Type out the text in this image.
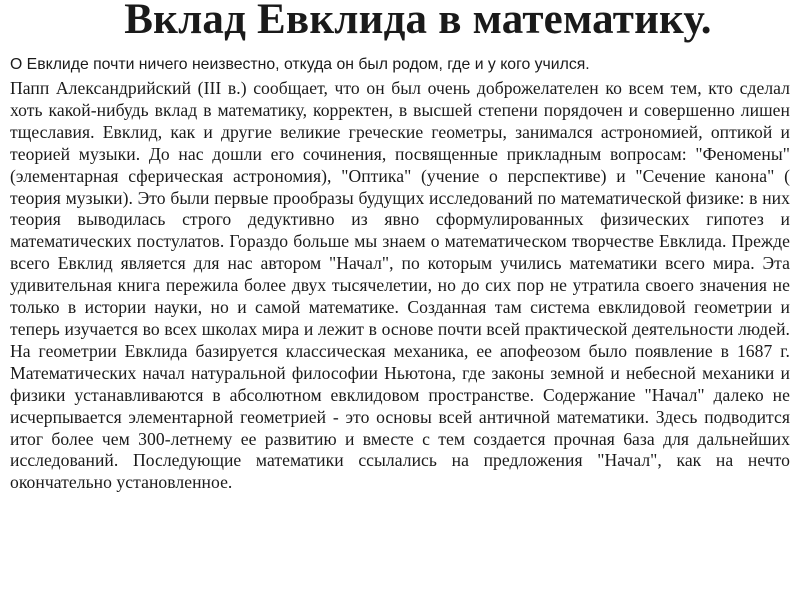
Вклад Евклида в математику.

О Евклиде почти ничего неизвестно, откуда он был родом, где и у кого учился.

Папп Александрийский (III в.) сообщает, что он был очень доброжелателен ко всем тем, кто сделал хоть какой-нибудь вклад в математику, корректен, в высшей степени порядочен и совершенно лишен тщеславия. Евклид, как и другие великие греческие геометры, занимался астрономией, оптикой и теорией музыки. До нас дошли его сочинения, посвященные прикладным вопросам: "Феномены" (элементарная сферическая астрономия), "Оптика" (учение о перспективе) и "Сечение канона" ( теория музыки). Это были первые прообразы будущих исследований по математической физике: в них теория выводилась строго дедуктивно из явно сформулированных физических гипотез и математических постулатов. Гораздо больше мы знаем о математическом творчестве Евклида. Прежде всего Евклид является для нас автором "Начал", по которым учились математики всего мира. Эта удивительная книга пережила более двух тысячелетии, но до сих пор не утратила своего значения не только в истории науки, но и самой математике. Созданная там система евклидовой геометрии и теперь изучается во всех школах мира и лежит в основе почти всей практической деятельности людей. На геометрии Евклида базируется классическая механика, ее апофеозом было появление в 1687 г. Математических начал натуральной философии Ньютона, где законы земной и небесной механики и физики устанавливаются в абсолютном евклидовом пространстве. Содержание "Начал" далеко не исчерпывается элементарной геометрией - это основы всей античной математики. Здесь подводится итог более чем 300-летнему ее развитию и вместе с тем создается прочная 6аза для дальнейших исследований. Последующие математики ссылались на предложения "Начал", как на нечто окончательно установленное.
